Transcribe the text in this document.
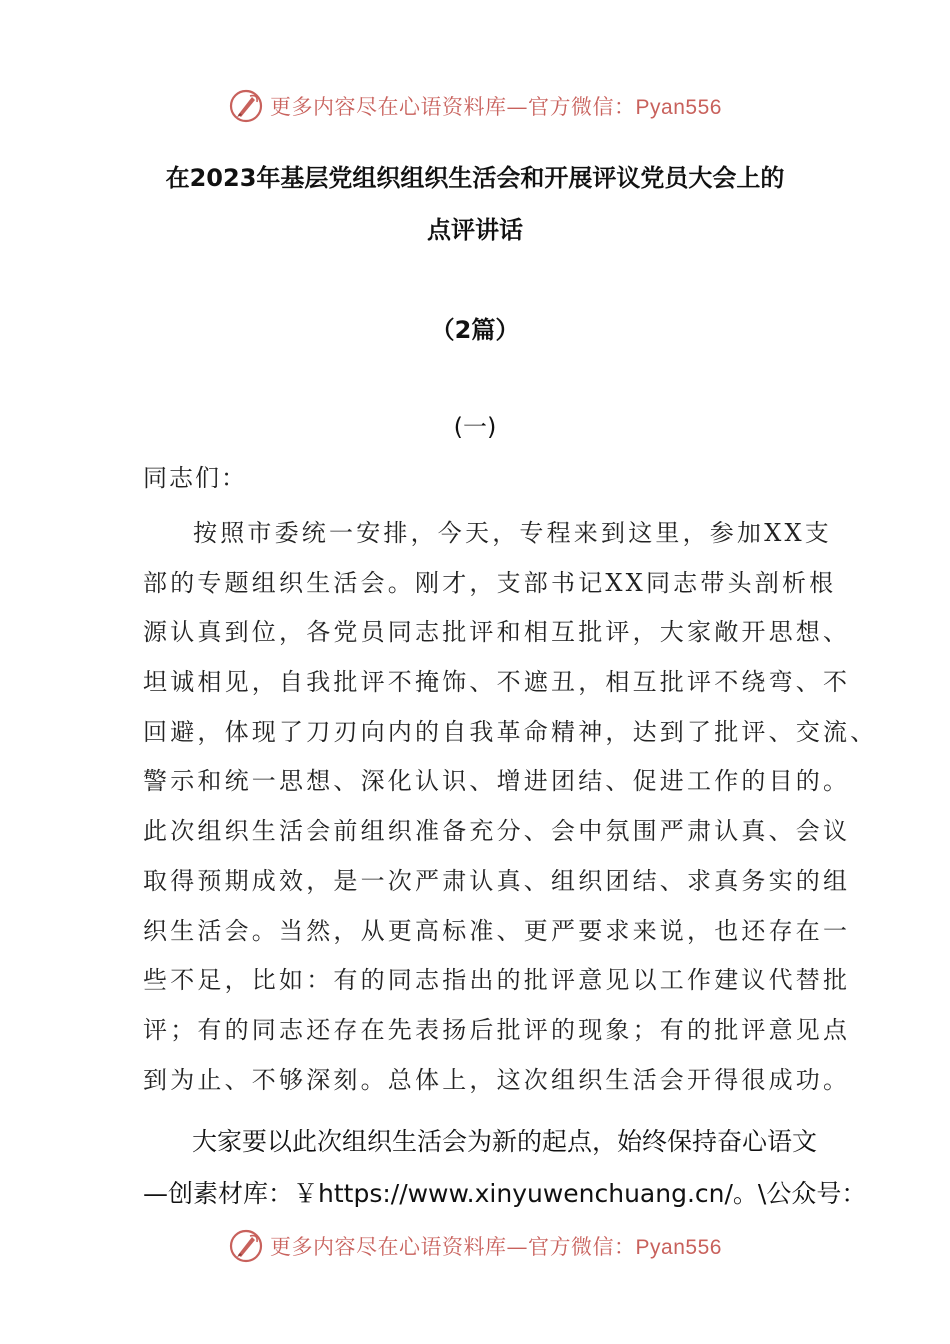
更多内容尽在心语资料库—官方微信：Pyan556
在2023年基层党组织组织生活会和开展评议党员大会上的
点评讲话
（2篇）
(一)
同志们：
按照市委统一安排，今天，专程来到这里，参加XX支
部的专题组织生活会。刚才，支部书记XX同志带头剖析根
源认真到位，各党员同志批评和相互批评，大家敞开思想、
坦诚相见，自我批评不掩饰、不遮丑，相互批评不绕弯、不
回避，体现了刀刃向内的自我革命精神，达到了批评、交流、
警示和统一思想、深化认识、增进团结、促进工作的目的。
此次组织生活会前组织准备充分、会中氛围严肃认真、会议
取得预期成效，是一次严肃认真、组织团结、求真务实的组
织生活会。当然，从更高标准、更严要求来说，也还存在一
些不足，比如：有的同志指出的批评意见以工作建议代替批
评；有的同志还存在先表扬后批评的现象；有的批评意见点
到为止、不够深刻。总体上，这次组织生活会开得很成功。
大家要以此次组织生活会为新的起点，始终保持奋心语文
—创素材库：￥https://www.xinyuwenchuang.cn/。\公众号：
更多内容尽在心语资料库—官方微信：Pyan556
